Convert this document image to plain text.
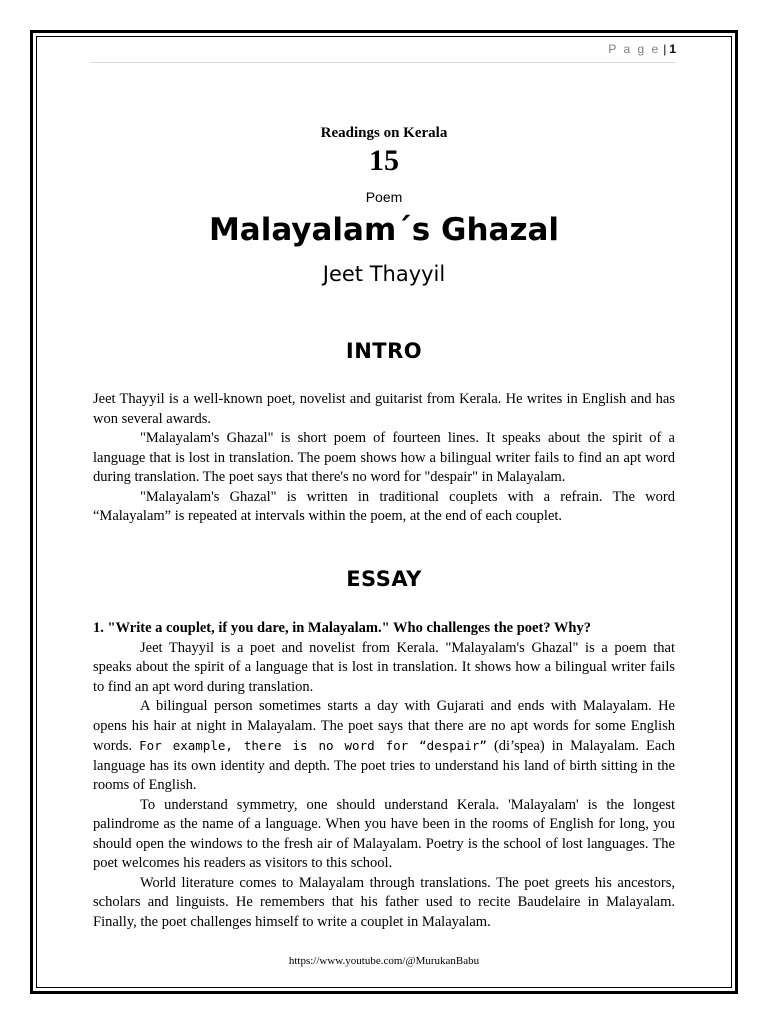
P a g e | 1
Readings on Kerala
15
Poem
Malayalam´s Ghazal
Jeet Thayyil
INTRO

Jeet Thayyil is a well-known poet, novelist and guitarist from Kerala. He writes in English and has won several awards.

"Malayalam's Ghazal" is short poem of fourteen lines. It speaks about the spirit of a language that is lost in translation. The poem shows how a bilingual writer fails to find an apt word during translation. The poet says that there's no word for "despair" in Malayalam.

"Malayalam's Ghazal" is written in traditional couplets with a refrain. The word “Malayalam” is repeated at intervals within the poem, at the end of each couplet.

ESSAY

1. "Write a couplet, if you dare, in Malayalam." Who challenges the poet? Why?

Jeet Thayyil is a poet and novelist from Kerala. "Malayalam's Ghazal" is a poem that speaks about the spirit of a language that is lost in translation. It shows how a bilingual writer fails to find an apt word during translation.

A bilingual person sometimes starts a day with Gujarati and ends with Malayalam. He opens his hair at night in Malayalam. The poet says that there are no apt words for some English words. For example, there is no word for “despair” (di’spea) in Malayalam. Each language has its own identity and depth. The poet tries to understand his land of birth sitting in the rooms of English.

To understand symmetry, one should understand Kerala. 'Malayalam' is the longest palindrome as the name of a language. When you have been in the rooms of English for long, you should open the windows to the fresh air of Malayalam. Poetry is the school of lost languages. The poet welcomes his readers as visitors to this school.

World literature comes to Malayalam through translations. The poet greets his ancestors, scholars and linguists. He remembers that his father used to recite Baudelaire in Malayalam. Finally, the poet challenges himself to write a couplet in Malayalam.

https://www.youtube.com/@MurukanBabu
